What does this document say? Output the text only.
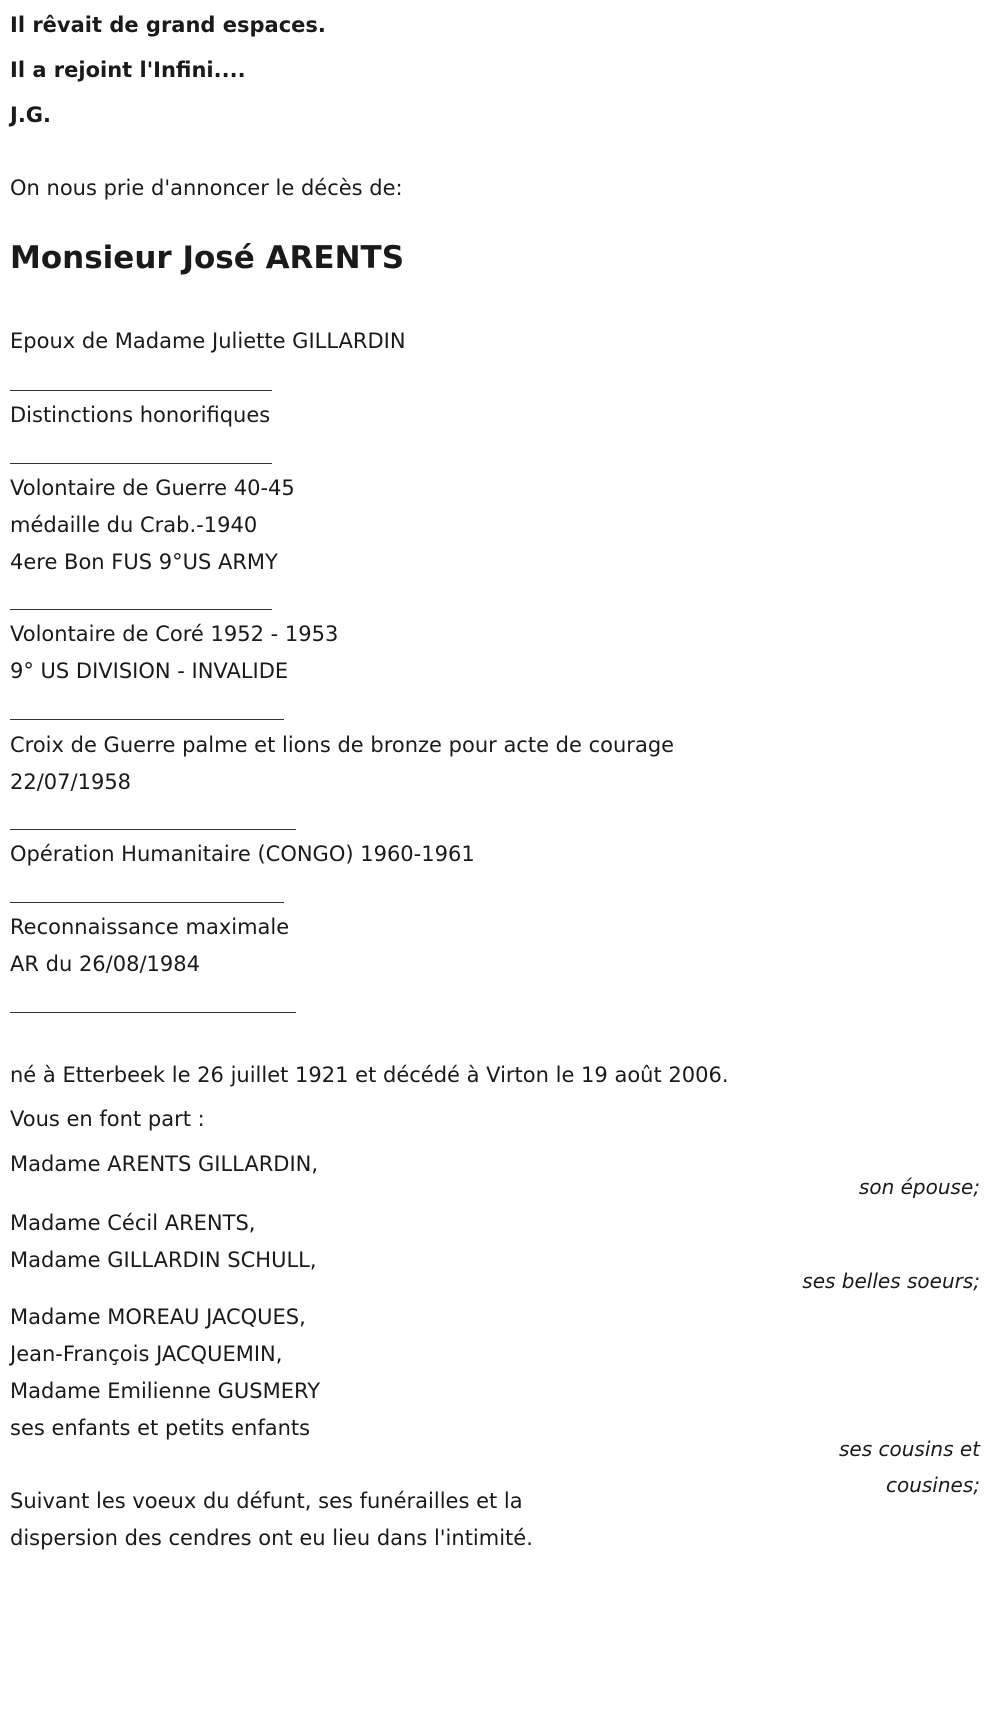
Il rêvait de grand espaces.
Il a rejoint l'Infini....
J.G.
On nous prie d'annoncer le décès de:
Monsieur José ARENTS
Epoux de Madame Juliette GILLARDIN
Distinctions honorifiques
Volontaire de Guerre 40-45
médaille du Crab.-1940
4ere Bon FUS 9°US ARMY
Volontaire de Coré 1952 - 1953
9° US DIVISION - INVALIDE
Croix de Guerre palme et lions de bronze pour acte de courage
22/07/1958
Opération Humanitaire (CONGO) 1960-1961
Reconnaissance maximale
AR du 26/08/1984
né à Etterbeek le 26 juillet 1921 et décédé à Virton le 19 août 2006.
Vous en font part :
Madame ARENTS GILLARDIN,
son épouse;
Madame Cécil ARENTS,
Madame GILLARDIN SCHULL,
ses belles soeurs;
Madame MOREAU JACQUES,
Jean-François JACQUEMIN,
Madame Emilienne GUSMERY
ses enfants et petits enfants
ses cousins et
cousines;
Suivant les voeux du défunt, ses funérailles et la
dispersion des cendres ont eu lieu dans l'intimité.
